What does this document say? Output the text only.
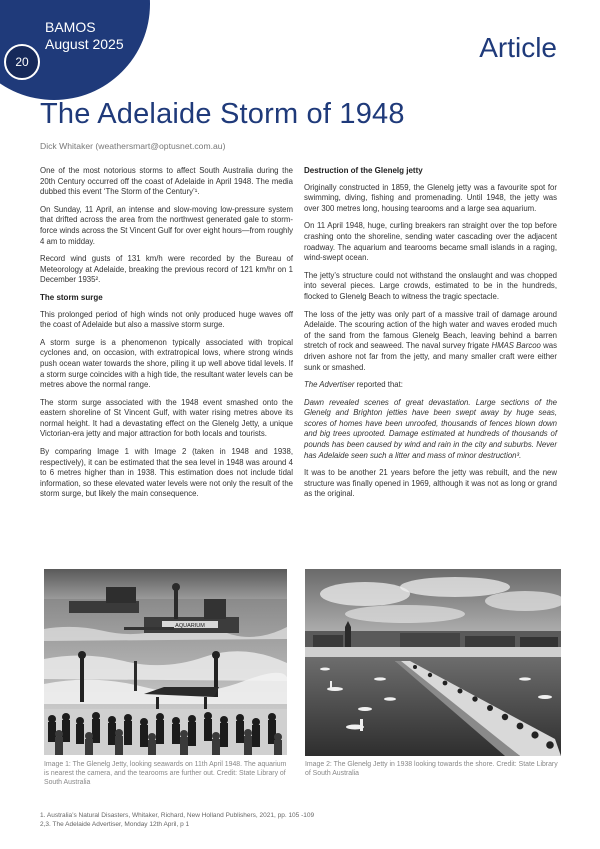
BAMOS
August 2025
20	Article
The Adelaide Storm of 1948
Dick Whitaker (weathersmart@optusnet.com.au)

One of the most notorious storms to affect South Australia during the 20th Century occurred off the coast of Adelaide in April 1948. The media dubbed this event ‘The Storm of the Century’¹.

On Sunday, 11 April, an intense and slow-moving low-pressure system that drifted across the area from the northwest generated gale to storm-force winds across the St Vincent Gulf for over eight hours—from roughly 4 am to midday.

Record wind gusts of 131 km/h were recorded by the Bureau of Meteorology at Adelaide, breaking the previous record of 121 km/hr on 1 December 1935².

The storm surge

This prolonged period of high winds not only produced huge waves off the coast of Adelaide but also a massive storm surge.

A storm surge is a phenomenon typically associated with tropical cyclones and, on occasion, with extratropical lows, where strong winds push ocean water towards the shore, piling it up well above tidal levels. If a storm surge coincides with a high tide, the resultant water levels can be metres above the normal range.

The storm surge associated with the 1948 event smashed onto the eastern shoreline of St Vincent Gulf, with water rising metres above its normal height. It had a devastating effect on the Glenelg Jetty, a unique Victorian-era jetty and major attraction for both locals and tourists.

By comparing Image 1 with Image 2 (taken in 1948 and 1938, respectively), it can be estimated that the sea level in 1948 was around 4 to 6 metres higher than in 1938. This estimation does not include tidal information, so these elevated water levels were not only the result of the storm surge, but likely the main consequence.

Destruction of the Glenelg jetty

Originally constructed in 1859, the Glenelg jetty was a favourite spot for swimming, diving, fishing and promenading. Until 1948, the jetty was over 300 metres long, housing tearooms and a large sea aquarium.

On 11 April 1948, huge, curling breakers ran straight over the top before crashing onto the shoreline, sending water cascading over the adjacent roadway. The aquarium and tearooms became small islands in a raging, wind-swept ocean.

The jetty’s structure could not withstand the onslaught and was chopped into several pieces. Large crowds, estimated to be in the hundreds, flocked to Glenelg Beach to witness the tragic spectacle.

The loss of the jetty was only part of a massive trail of damage around Adelaide. The scouring action of the high water and waves eroded much of the sand from the famous Glenelg Beach, leaving behind a barren stretch of rock and seaweed. The naval survey frigate HMAS Barcoo was driven ashore not far from the jetty, and many smaller craft were either sunk or smashed.

The Advertiser reported that:

Dawn revealed scenes of great devastation. Large sections of the Glenelg and Brighton jetties have been swept away by huge seas, scores of homes have been unroofed, thousands of fences blown down and big trees uprooted. Damage estimated at hundreds of thousands of pounds has been caused by wind and rain in the city and suburbs. Never has Adelaide seen such a litter and mass of minor destruction³.

It was to be another 21 years before the jetty was rebuilt, and the new structure was finally opened in 1969, although it was not as long or grand as the original.

AQUARIUM
Image 1: The Glenelg Jetty, looking seawards on 11th April 1948. The aquarium is nearest the camera, and the tearooms are further out. Credit: State Library of South Australia
Image 2: The Glenelg Jetty in 1938 looking towards the shore. Credit: State Library of South Australia
1. Australia’s Natural Disasters, Whitaker, Richard, New Holland Publishers, 2021, pp. 105 -109
2,3. The Adelaide Advertiser, Monday 12th April, p 1
